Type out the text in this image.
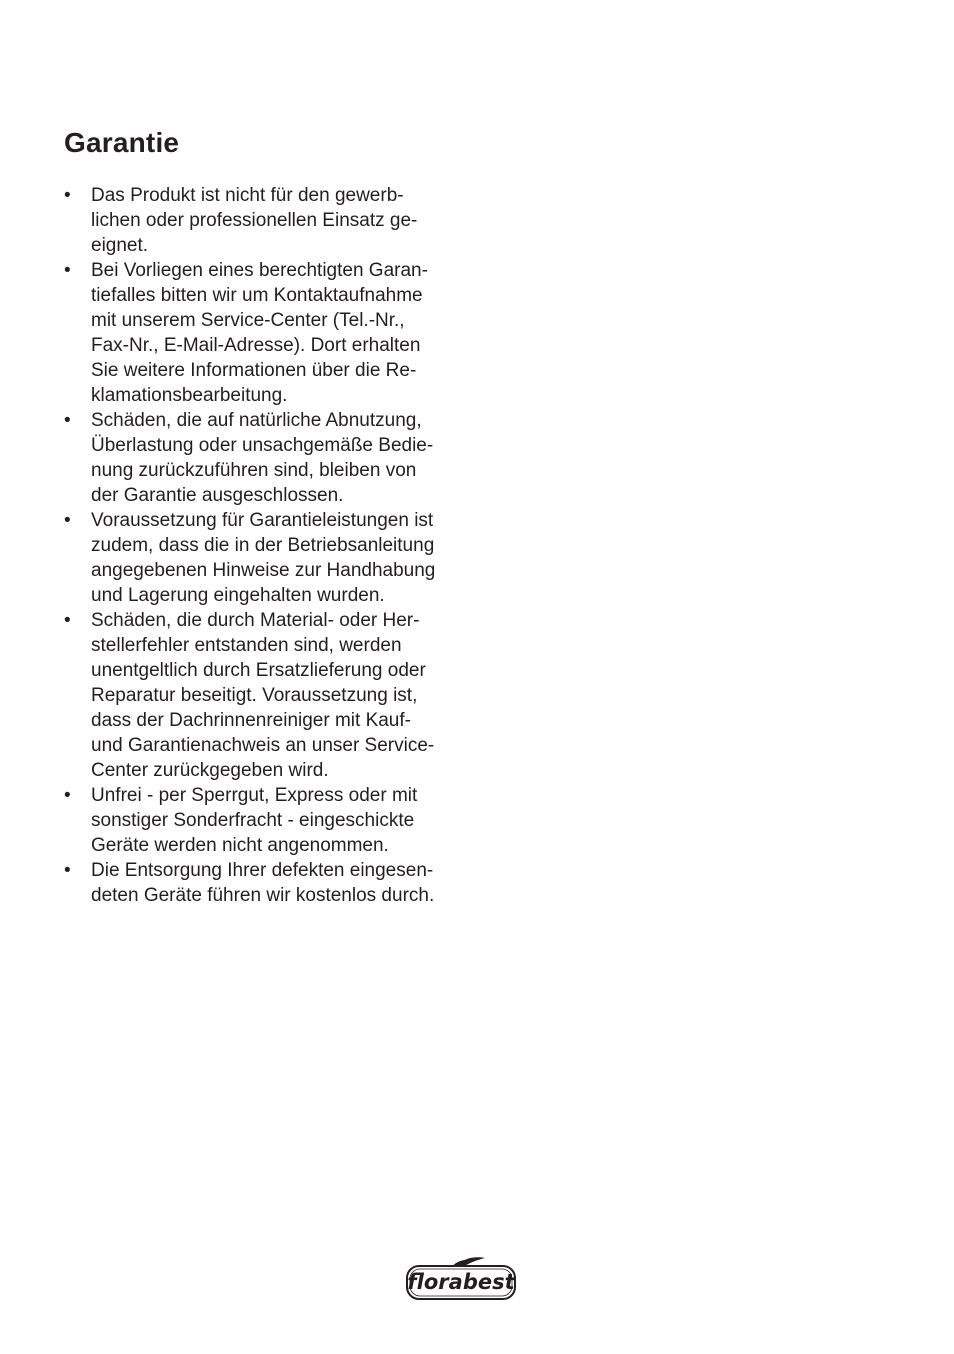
Garantie
• Das Produkt ist nicht für den gewerb-
lichen oder professionellen Einsatz ge-
eignet.
• Bei Vorliegen eines berechtigten Garan-
tiefalles bitten wir um Kontaktaufnahme
mit unserem Service-Center (Tel.-Nr.,
Fax-Nr., E-Mail-Adresse). Dort erhalten
Sie weitere Informationen über die Re-
klamationsbearbeitung.
• Schäden, die auf natürliche Abnutzung,
Überlastung oder unsachgemäße Bedie-
nung zurückzuführen sind, bleiben von
der Garantie ausgeschlossen.
• Voraussetzung für Garantieleistungen ist
zudem, dass die in der Betriebsanleitung
angegebenen Hinweise zur Handhabung
und Lagerung eingehalten wurden.
• Schäden, die durch Material- oder Her-
stellerfehler entstanden sind, werden
unentgeltlich durch Ersatzlieferung oder
Reparatur beseitigt. Voraussetzung ist,
dass der Dachrinnenreiniger mit Kauf-
und Garantienachweis an unser Service-
Center zurückgegeben wird.
• Unfrei - per Sperrgut, Express oder mit
sonstiger Sonderfracht - eingeschickte
Geräte werden nicht angenommen.
• Die Entsorgung Ihrer defekten eingesen-
deten Geräte führen wir kostenlos durch.
florabest
